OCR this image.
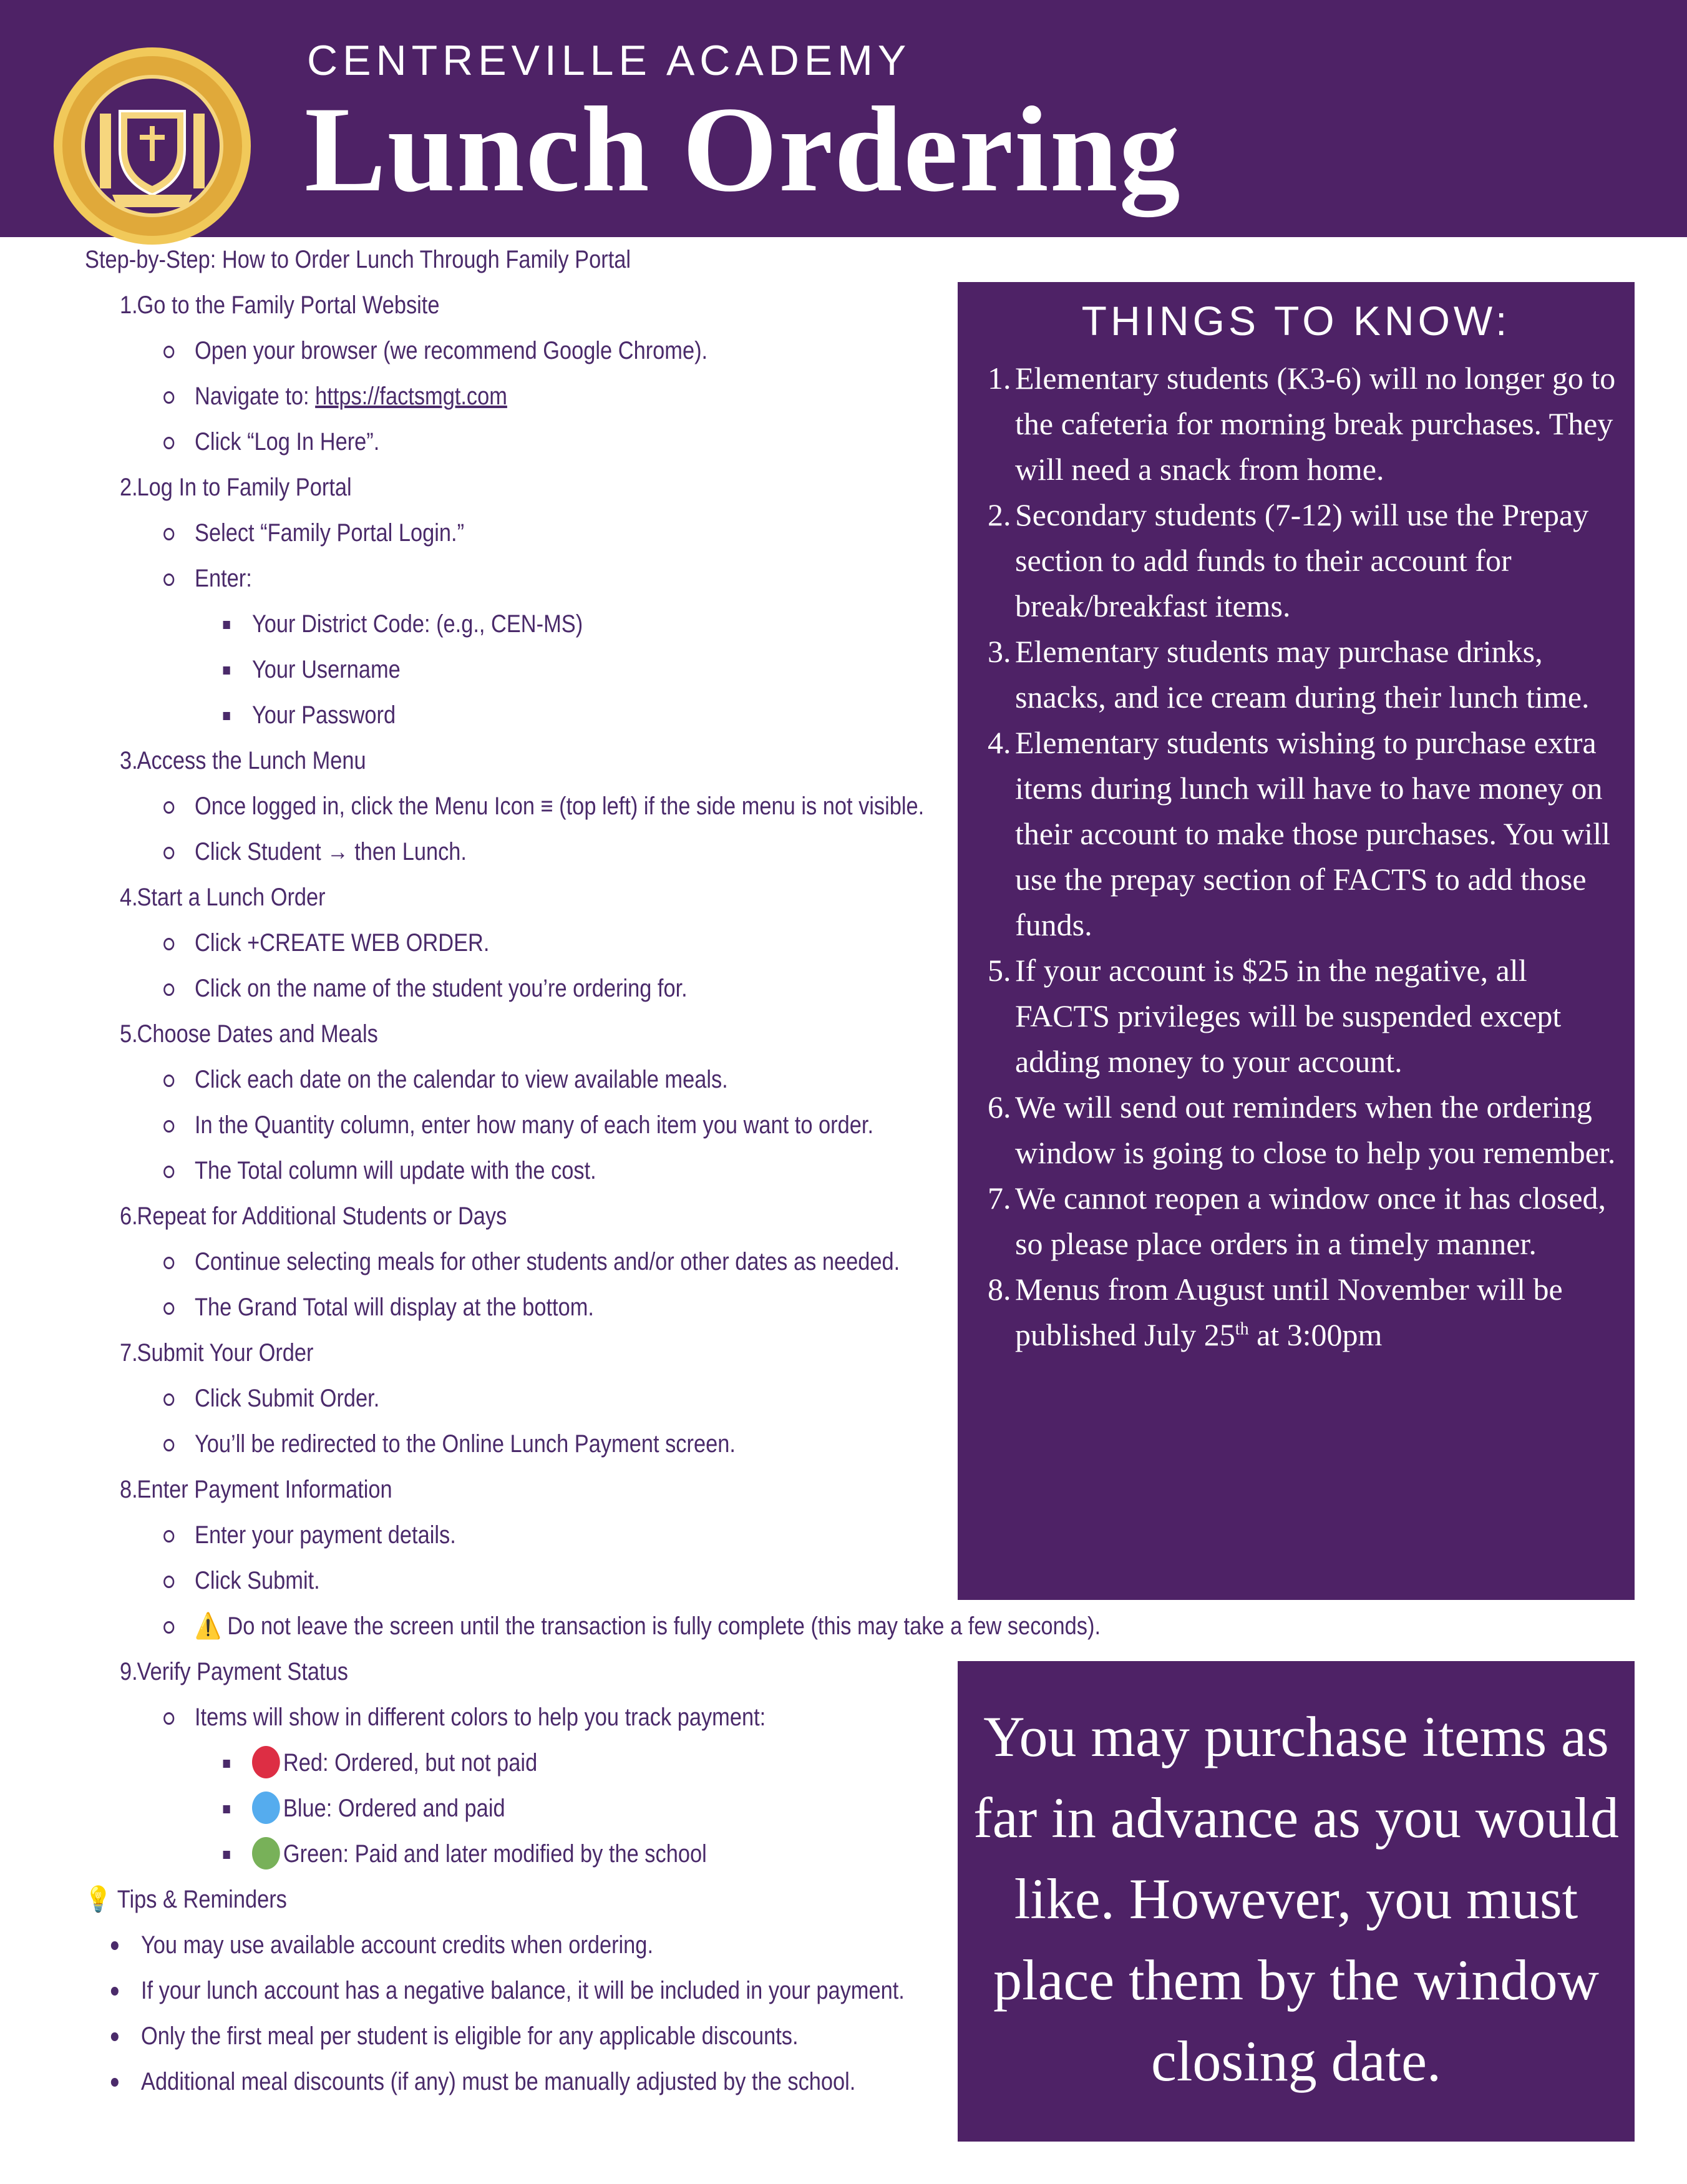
CENTREVILLE ACADEMY
Lunch Ordering
Step-by-Step: How to Order Lunch Through Family Portal
1.Go to the Family Portal Website
Open your browser (we recommend Google Chrome).
Navigate to: https://factsmgt.com
Click “Log In Here”.
2.Log In to Family Portal
Select “Family Portal Login.”
Enter:
Your District Code: (e.g., CEN-MS)
Your Username
Your Password
3.Access the Lunch Menu
Once logged in, click the Menu Icon ≡ (top left) if the side menu is not visible.
Click Student → then Lunch.
4.Start a Lunch Order
Click +CREATE WEB ORDER.
Click on the name of the student you’re ordering for.
5.Choose Dates and Meals
Click each date on the calendar to view available meals.
In the Quantity column, enter how many of each item you want to order.
The Total column will update with the cost.
6.Repeat for Additional Students or Days
Continue selecting meals for other students and/or other dates as needed.
The Grand Total will display at the bottom.
7.Submit Your Order
Click Submit Order.
You’ll be redirected to the Online Lunch Payment screen.
8.Enter Payment Information
Enter your payment details.
Click Submit.
⚠️ Do not leave the screen until the transaction is fully complete (this may take a few seconds).
9.Verify Payment Status
Items will show in different colors to help you track payment:
Red: Ordered, but not paid
Blue: Ordered and paid
Green: Paid and later modified by the school
💡 Tips & Reminders
You may use available account credits when ordering.
If your lunch account has a negative balance, it will be included in your payment.
Only the first meal per student is eligible for any applicable discounts.
Additional meal discounts (if any) must be manually adjusted by the school.
THINGS TO KNOW:
1. Elementary students (K3-6) will no longer go to the cafeteria for morning break purchases. They will need a snack from home.
2. Secondary students (7-12) will use the Prepay section to add funds to their account for break/breakfast items.
3. Elementary students may purchase drinks, snacks, and ice cream during their lunch time.
4. Elementary students wishing to purchase extra items during lunch will have to have money on their account to make those purchases. You will use the prepay section of FACTS to add those funds.
5. If your account is $25 in the negative, all FACTS privileges will be suspended except adding money to your account.
6. We will send out reminders when the ordering window is going to close to help you remember.
7. We cannot reopen a window once it has closed, so please place orders in a timely manner.
8. Menus from August until November will be published July 25th at 3:00pm
You may purchase items as far in advance as you would like. However, you must place them by the window closing date.
